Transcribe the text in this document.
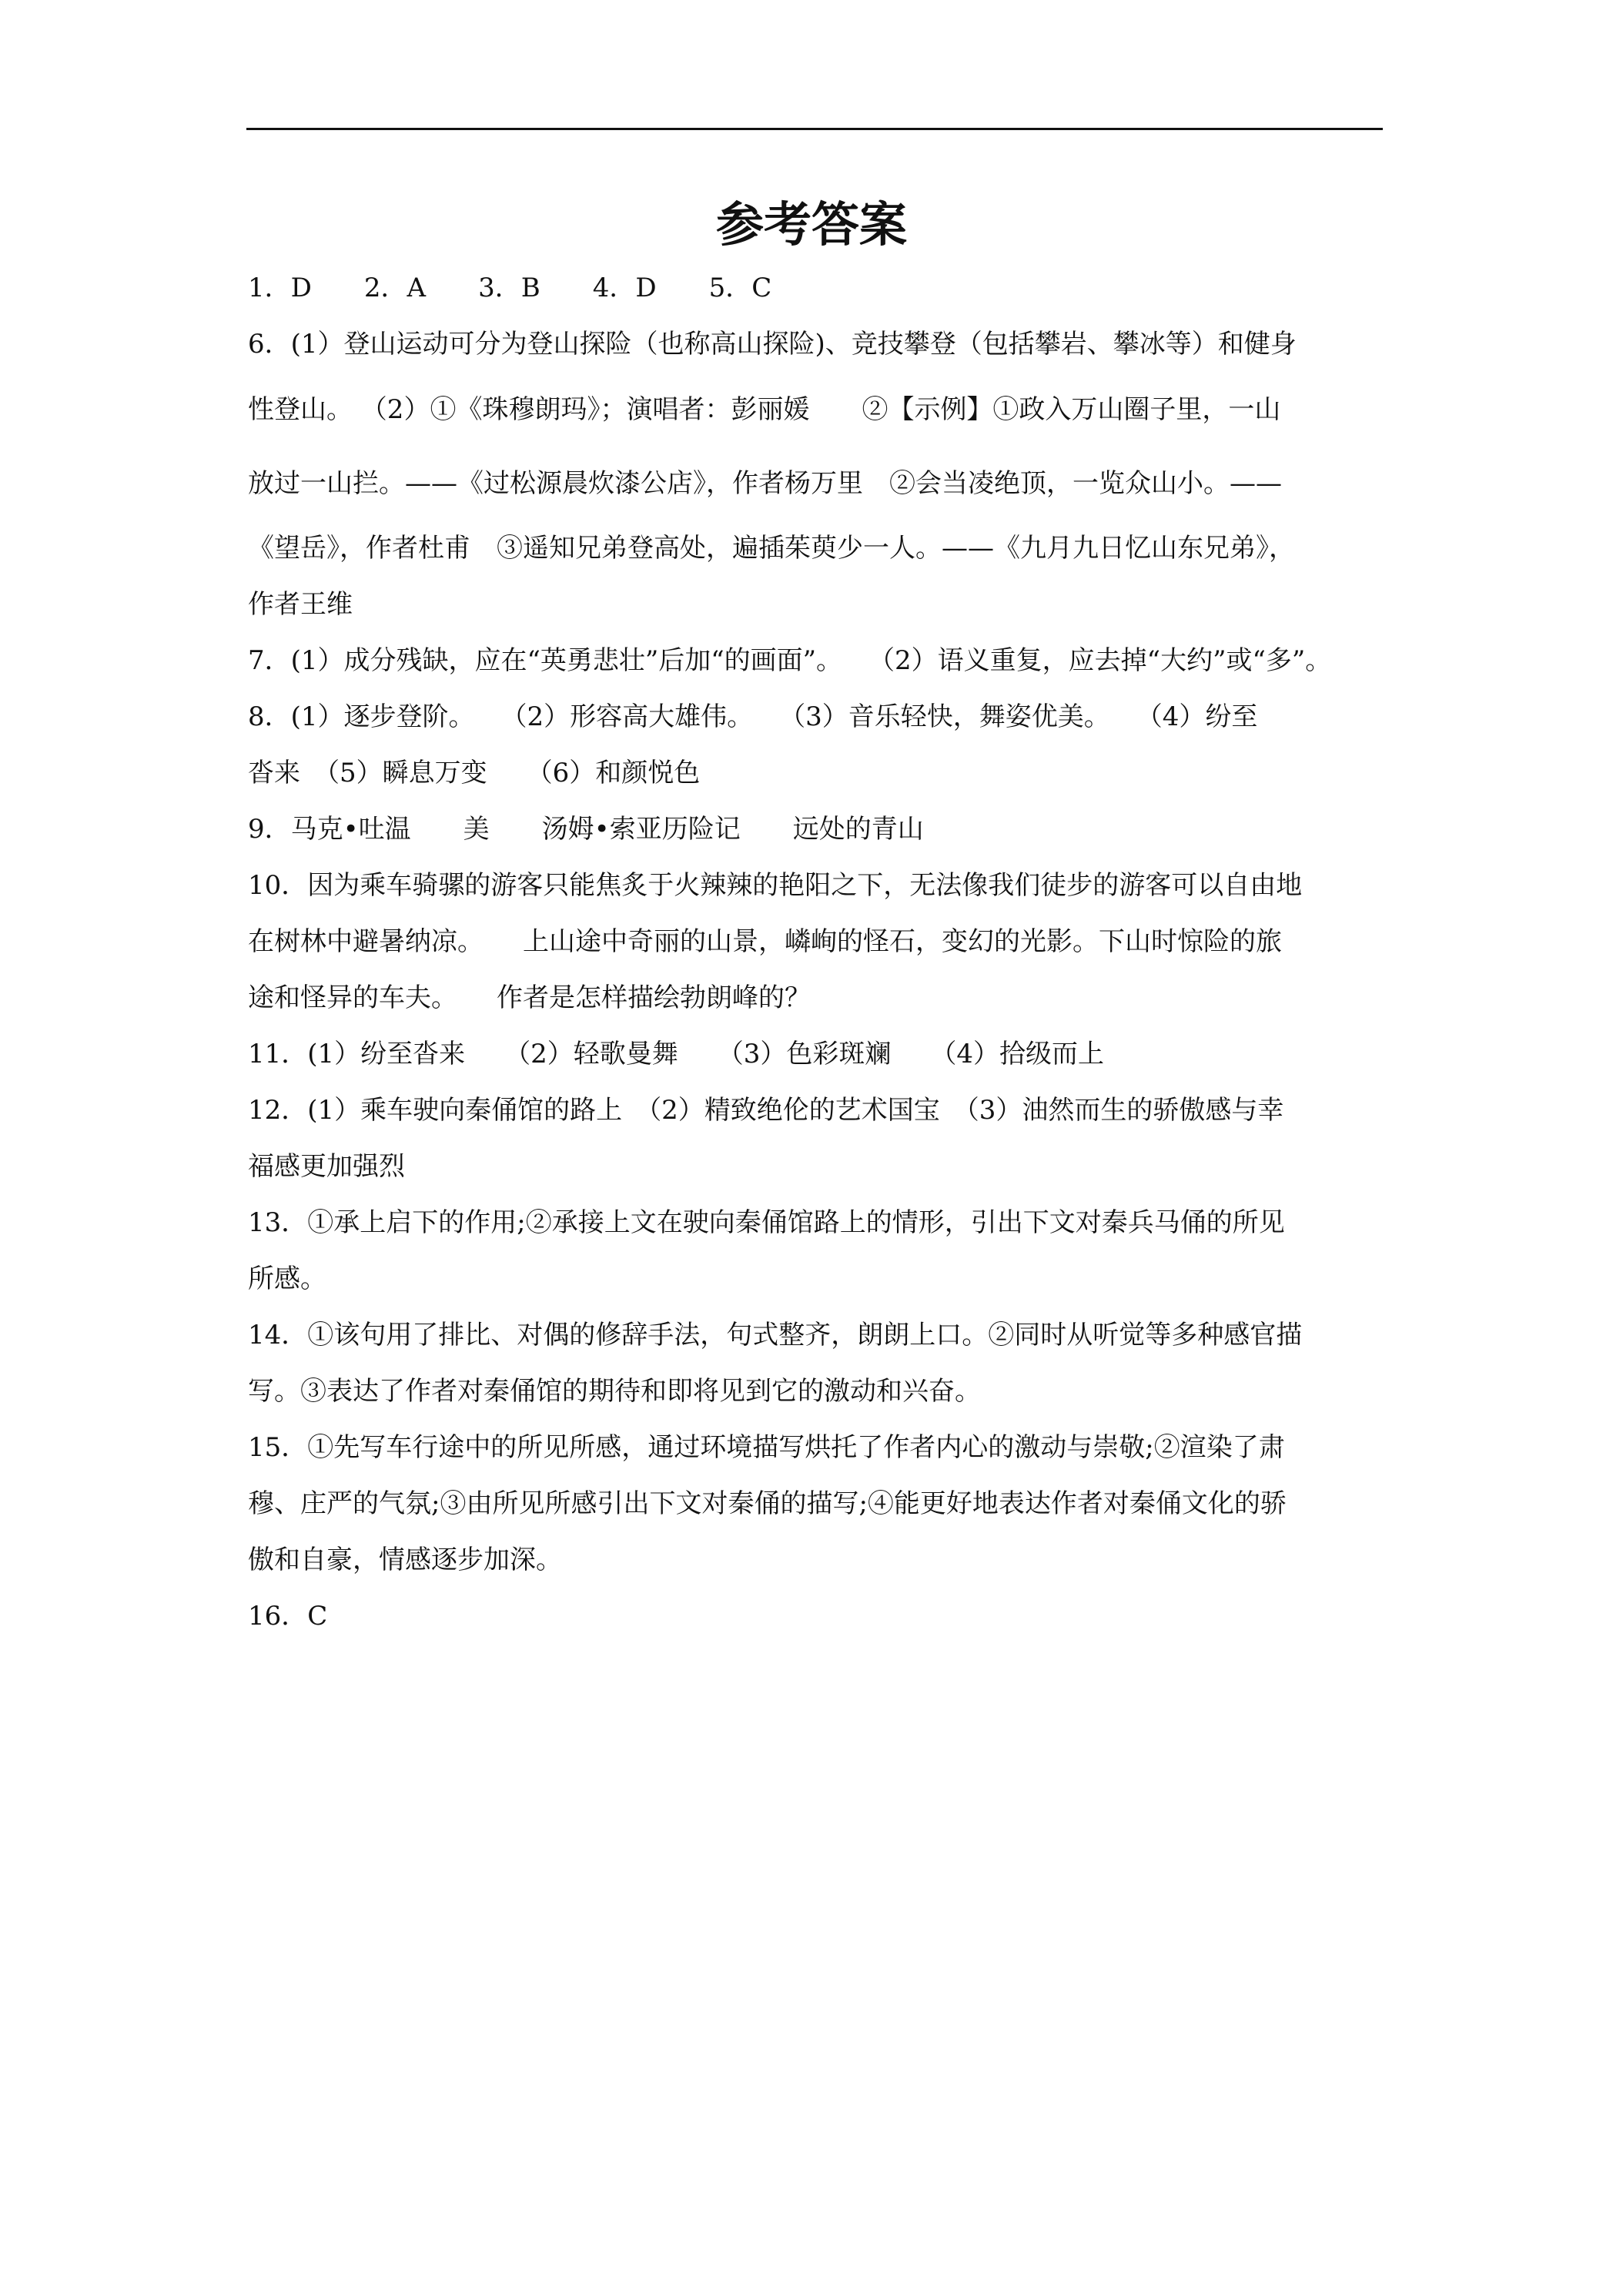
参考答案

1．D　　2．A　　3．B　　4．D　　5．C

6．(1）登山运动可分为登山探险（也称高山探险)、竞技攀登（包括攀岩、攀冰等）和健身

性登山。 （2）①《珠穆朗玛》；演唱者：彭丽媛　　②【示例】①政入万山圈子里，一山

放过一山拦。——《过松源晨炊漆公店》，作者杨万里　②会当凌绝顶，一览众山小。——

《望岳》，作者杜甫　③遥知兄弟登高处，遍插茱萸少一人。——《九月九日忆山东兄弟》，

作者王维

7．(1）成分残缺，应在“英勇悲壮”后加“的画面”。　　（2）语义重复，应去掉“大约”或“多”。

8．(1）逐步登阶。　　（2）形容高大雄伟。　　（3）音乐轻快，舞姿优美。　　（4）纷至

沓来　（5）瞬息万变　　（6）和颜悦色

9．马克•吐温　　美　　汤姆•索亚历险记　　远处的青山

10．因为乘车骑骡的游客只能焦炙于火辣辣的艳阳之下，无法像我们徒步的游客可以自由地

在树林中避暑纳凉。　　上山途中奇丽的山景，嶙峋的怪石，变幻的光影。下山时惊险的旅

途和怪异的车夫。　　作者是怎样描绘勃朗峰的？

11．(1）纷至沓来　　（2）轻歌曼舞　　（3）色彩斑斓　　（4）拾级而上

12．(1）乘车驶向秦俑馆的路上　（2）精致绝伦的艺术国宝　（3）油然而生的骄傲感与幸

福感更加强烈

13．①承上启下的作用;②承接上文在驶向秦俑馆路上的情形，引出下文对秦兵马俑的所见

所感。

14．①该句用了排比、对偶的修辞手法，句式整齐，朗朗上口。②同时从听觉等多种感官描

写。③表达了作者对秦俑馆的期待和即将见到它的激动和兴奋。

15．①先写车行途中的所见所感，通过环境描写烘托了作者内心的激动与崇敬;②渲染了肃

穆、庄严的气氛;③由所见所感引出下文对秦俑的描写;④能更好地表达作者对秦俑文化的骄

傲和自豪，情感逐步加深。

16．C
